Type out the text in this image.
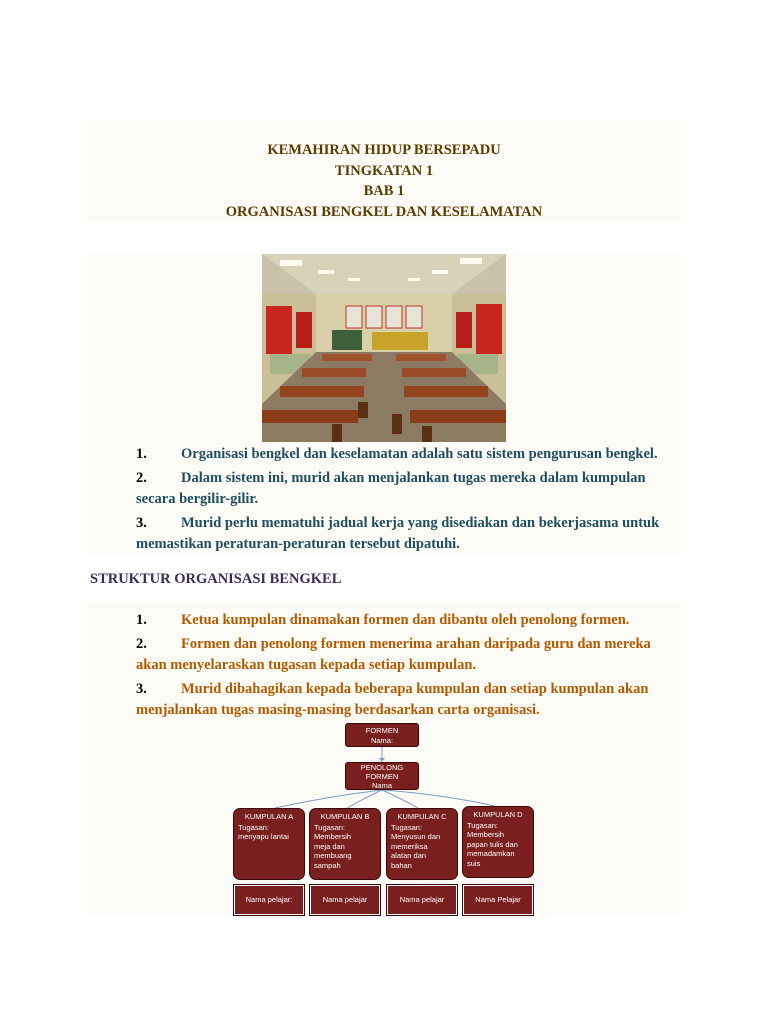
KEMAHIRAN HIDUP BERSEPADU
TINGKATAN 1
BAB 1
ORGANISASI BENGKEL DAN KESELAMATAN

1. Organisasi bengkel dan keselamatan adalah satu sistem pengurusan bengkel.

2. Dalam sistem ini, murid akan menjalankan tugas mereka dalam kumpulan
secara bergilir-gilir.

3. Murid perlu mematuhi jadual kerja yang disediakan dan bekerjasama untuk
memastikan peraturan-peraturan tersebut dipatuhi.

STRUKTUR ORGANISASI BENGKEL

1. Ketua kumpulan dinamakan formen dan dibantu oleh penolong formen.

2. Formen dan penolong formen menerima arahan daripada guru dan mereka
akan menyelaraskan tugasan kepada setiap kumpulan.

3. Murid dibahagikan kepada beberapa kumpulan dan setiap kumpulan akan
menjalankan tugas masing-masing berdasarkan carta organisasi.

FORMEN
Nama:
PENOLONG
FORMEN
Nama
KUMPULAN A
Tugasan:
menyapu lantai
KUMPULAN B
Tugasan:
Membersih
meja dan
membuang
sampah
KUMPULAN C
Tugasan:
Menyusun dan
memeriksa
alatan dan
bahan
KUMPULAN D
Tugasan:
Membersih
papan tulis dan
memadamkan
suis
Nama pelajar:	Nama pelajar	Nama pelajar	Nama Pelajar
